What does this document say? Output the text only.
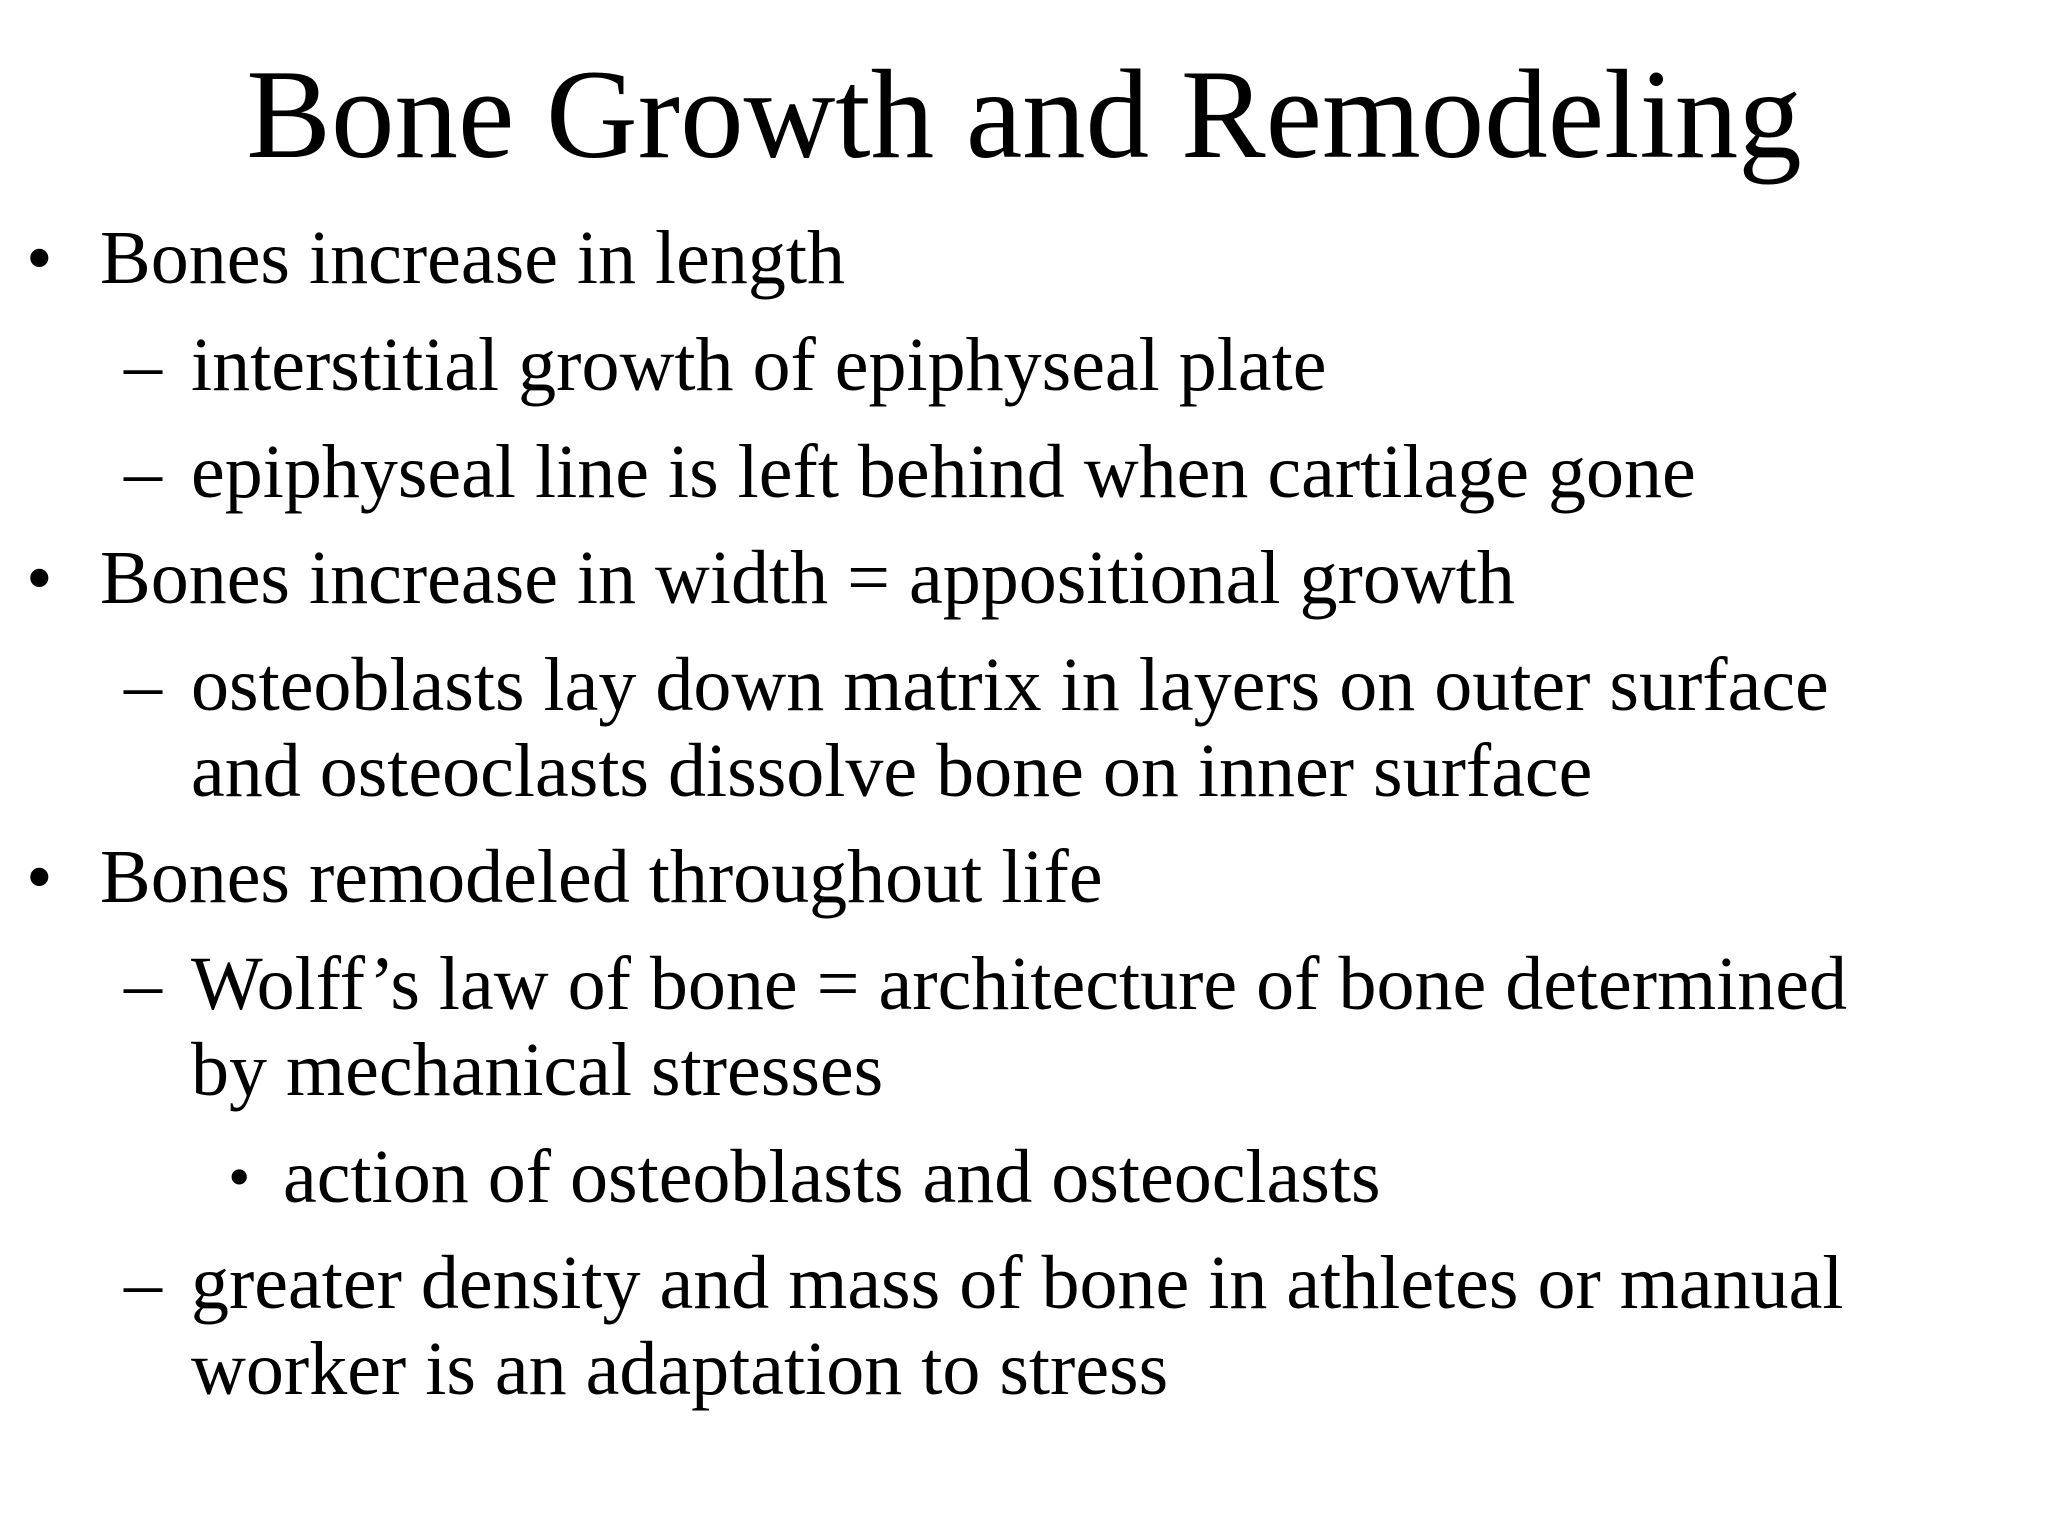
Bone Growth and Remodeling
• Bones increase in length
– interstitial growth of epiphyseal plate
– epiphyseal line is left behind when cartilage gone
• Bones increase in width = appositional growth
– osteoblasts lay down matrix in layers on outer surface
and osteoclasts dissolve bone on inner surface
• Bones remodeled throughout life
– Wolff’s law of bone = architecture of bone determined
by mechanical stresses
• action of osteoblasts and osteoclasts
– greater density and mass of bone in athletes or manual
worker is an adaptation to stress
